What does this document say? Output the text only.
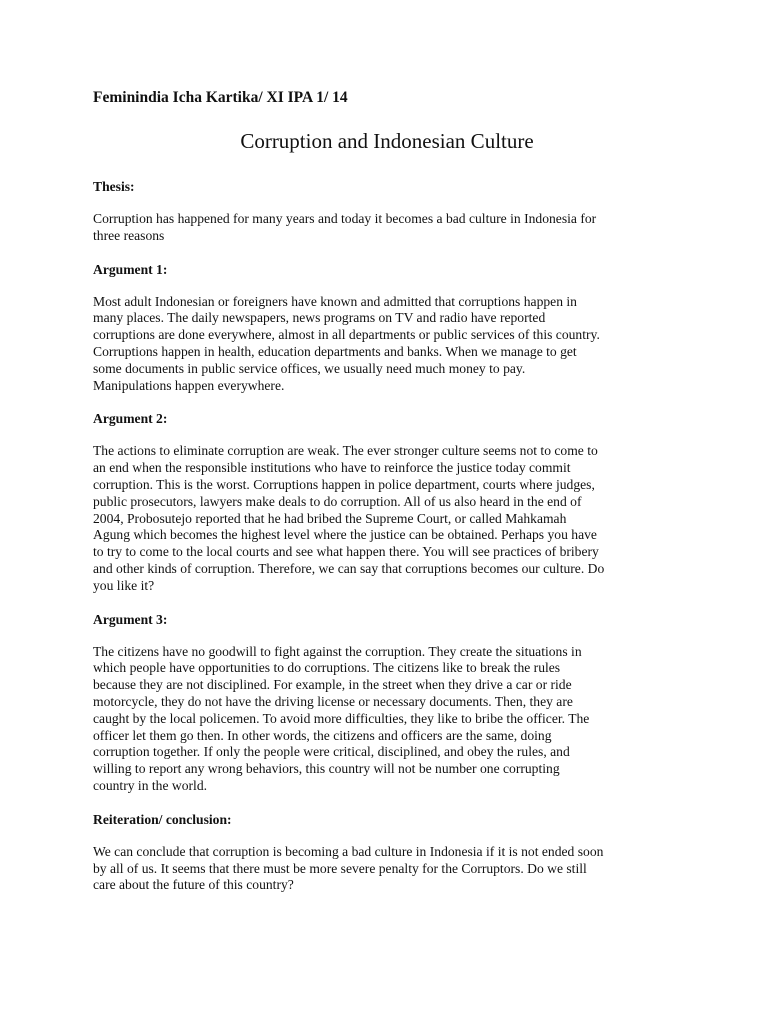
Feminindia Icha Kartika/ XI IPA 1/ 14
Corruption and Indonesian Culture
Thesis:
Corruption has happened for many years and today it becomes a bad culture in Indonesia for
three reasons
Argument 1:
Most adult Indonesian or foreigners have known and admitted that corruptions happen in
many places. The daily newspapers, news programs on TV and radio have reported
corruptions are done everywhere, almost in all departments or public services of this country.
Corruptions happen in health, education departments and banks. When we manage to get
some documents in public service offices, we usually need much money to pay.
Manipulations happen everywhere.
Argument 2:
The actions to eliminate corruption are weak. The ever stronger culture seems not to come to
an end when the responsible institutions who have to reinforce the justice today commit
corruption. This is the worst. Corruptions happen in police department, courts where judges,
public prosecutors, lawyers make deals to do corruption. All of us also heard in the end of
2004, Probosutejo reported that he had bribed the Supreme Court, or called Mahkamah
Agung which becomes the highest level where the justice can be obtained. Perhaps you have
to try to come to the local courts and see what happen there. You will see practices of bribery
and other kinds of corruption. Therefore, we can say that corruptions becomes our culture. Do
you like it?
Argument 3:
The citizens have no goodwill to fight against the corruption. They create the situations in
which people have opportunities to do corruptions. The citizens like to break the rules
because they are not disciplined. For example, in the street when they drive a car or ride
motorcycle, they do not have the driving license or necessary documents. Then, they are
caught by the local policemen. To avoid more difficulties, they like to bribe the officer. The
officer let them go then. In other words, the citizens and officers are the same, doing
corruption together. If only the people were critical, disciplined, and obey the rules, and
willing to report any wrong behaviors, this country will not be number one corrupting
country in the world.
Reiteration/ conclusion:
We can conclude that corruption is becoming a bad culture in Indonesia if it is not ended soon
by all of us. It seems that there must be more severe penalty for the Corruptors. Do we still
care about the future of this country?
